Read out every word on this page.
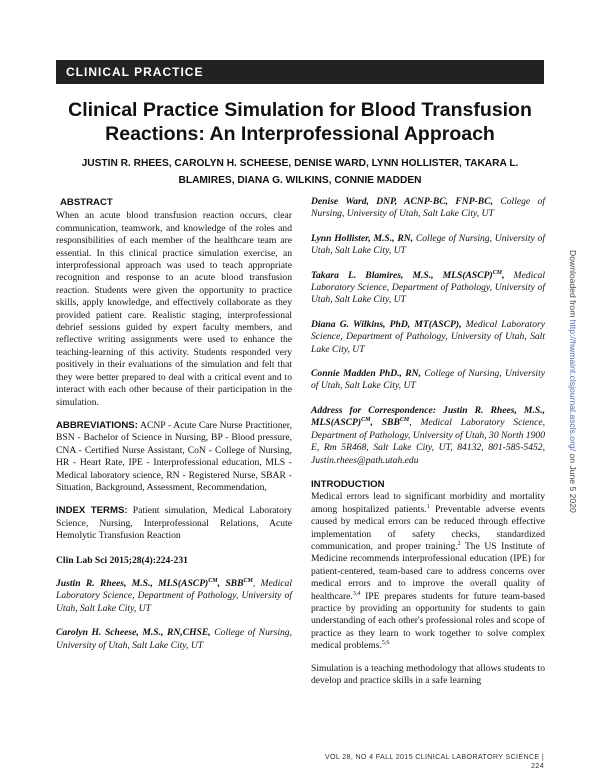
CLINICAL PRACTICE
Clinical Practice Simulation for Blood Transfusion Reactions: An Interprofessional Approach
JUSTIN R. RHEES, CAROLYN H. SCHEESE, DENISE WARD, LYNN HOLLISTER, TAKARA L. BLAMIRES, DIANA G. WILKINS, CONNIE MADDEN
ABSTRACT

When an acute blood transfusion reaction occurs, clear communication, teamwork, and knowledge of the roles and responsibilities of each member of the healthcare team are essential. In this clinical practice simulation exercise, an interprofessional approach was used to teach appropriate recognition and response to an acute blood transfusion reaction. Students were given the opportunity to practice skills, apply knowledge, and effectively collaborate as they provided patient care. Realistic staging, interprofessional debrief sessions guided by expert faculty members, and reflective writing assignments were used to enhance the teaching-learning of this activity. Students responded very positively in their evaluations of the simulation and felt that they were better prepared to deal with a critical event and to interact with each other because of their participation in the simulation.

ABBREVIATIONS: ACNP - Acute Care Nurse Practitioner, BSN - Bachelor of Science in Nursing, BP - Blood pressure, CNA - Certified Nurse Assistant, CoN - College of Nursing, HR - Heart Rate, IPE - Interprofessional education, MLS - Medical laboratory science, RN - Registered Nurse, SBAR - Situation, Background, Assessment, Recommendation,

INDEX TERMS: Patient simulation, Medical Laboratory Science, Nursing, Interprofessional Relations, Acute Hemolytic Transfusion Reaction

Clin Lab Sci 2015;28(4):224-231

Justin R. Rhees, M.S., MLS(ASCP)$^{CM}$, $SBB^{CM}$, Medical Laboratory Science, Department of Pathology, University of Utah, Salt Lake City, UT

Carolyn H. Scheese, M.S., RN,CHSE, College of Nursing, University of Utah, Salt Lake City, UT

Denise Ward, DNP, ACNP-BC, FNP-BC, College of Nursing, University of Utah, Salt Lake City, UT

Lynn Hollister, M.S., RN, College of Nursing, University of Utah, Salt Lake City, UT

Takara L. Blamires, M.S., MLS(ASCP)$^{CM}$, Medical Laboratory Science, Department of Pathology, University of Utah, Salt Lake City, UT

Diana G. Wilkins, PhD, MT(ASCP), Medical Laboratory Science, Department of Pathology, University of Utah, Salt Lake City, UT

Connie Madden PhD., RN, College of Nursing, University of Utah, Salt Lake City, UT

Address for Correspondence: Justin R. Rhees, M.S., MLS(ASCP)$^{CM}$, $SBB^{CM}$, Medical Laboratory Science, Department of Pathology, University of Utah, 30 North 1900 E, Rm 5R468, Salt Lake City, UT, 84132, 801-585-5452, Justin.rhees@path.utah.edu

INTRODUCTION

Medical errors lead to significant morbidity and mortality among hospitalized patients.$^1$ Preventable adverse events caused by medical errors can be reduced through effective implementation of safety checks, standardized communication, and proper training.$^2$ The US Institute of Medicine recommends interprofessional education (IPE) for patient-centered, team-based care to address concerns over medical errors and to improve the overall quality of healthcare.$^{3,4}$ IPE prepares students for future team-based practice by providing an opportunity for students to gain understanding of each other's professional roles and scope of practice as they learn to work together to solve complex medical problems.$^{5,6}$

Simulation is a teaching methodology that allows students to develop and practice skills in a safe learning

Downloaded from http://hwmaint.clsjournal.ascls.org/ on June 5 2020
VOL 28, NO 4 FALL 2015 CLINICAL LABORATORY SCIENCE | 224
